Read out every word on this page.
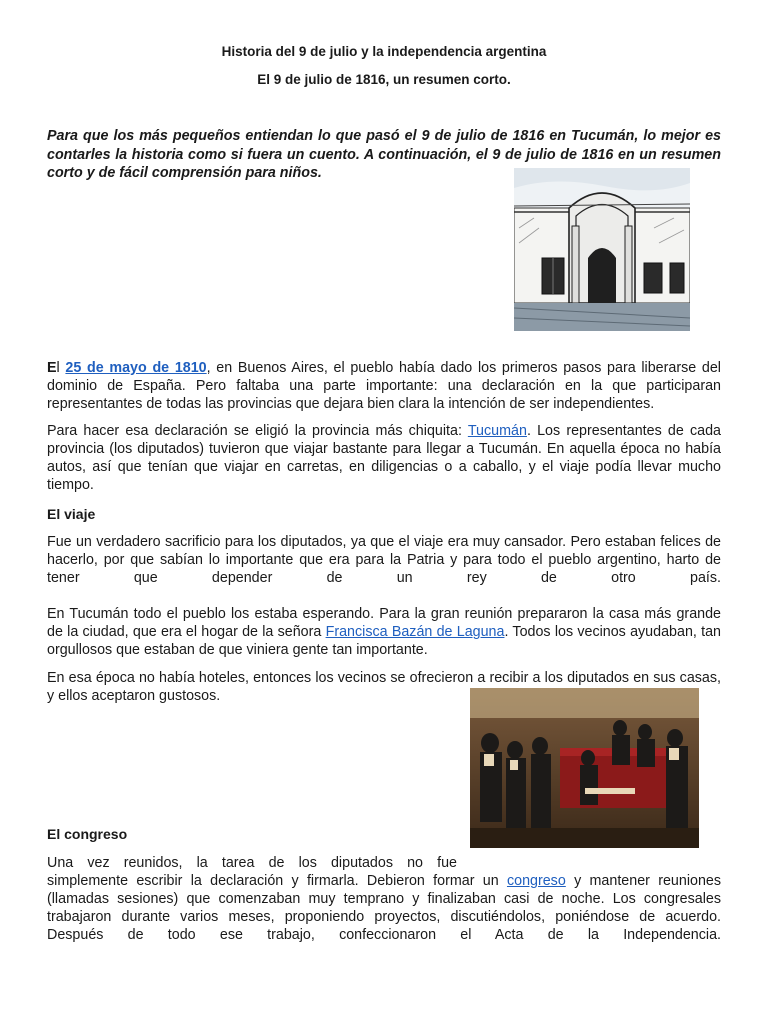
Historia del 9 de julio y la independencia argentina
El 9 de julio de 1816, un resumen corto.
Para que los más pequeños entiendan lo que pasó el 9 de julio de 1816 en Tucumán, lo mejor es contarles la historia como si fuera un cuento. A continuación, el 9 de julio de 1816 en un resumen corto y de fácil comprensión para niños.
El 25 de mayo de 1810, en Buenos Aires, el pueblo había dado los primeros pasos para liberarse del dominio de España. Pero faltaba una parte importante: una declaración en la que participaran representantes de todas las provincias que dejara bien clara la intención de ser independientes.
Para hacer esa declaración se eligió la provincia más chiquita: Tucumán. Los representantes de cada provincia (los diputados) tuvieron que viajar bastante para llegar a Tucumán. En aquella época no había autos, así que tenían que viajar en carretas, en diligencias o a caballo, y el viaje podía llevar mucho tiempo.
El viaje
Fue un verdadero sacrificio para los diputados, ya que el viaje era muy cansador. Pero estaban felices de hacerlo, por que sabían lo importante que era para la Patria y para todo el pueblo argentino, harto de tener que depender de un rey de otro país.
En Tucumán todo el pueblo los estaba esperando. Para la gran reunión prepararon la casa más grande de la ciudad, que era el hogar de la señora Francisca Bazán de Laguna. Todos los vecinos ayudaban, tan orgullosos que estaban de que viniera gente tan importante.
En esa época no había hoteles, entonces los vecinos se ofrecieron a recibir a los diputados en sus casas, y ellos aceptaron gustosos.
El congreso
Una vez reunidos, la tarea de los diputados no fue
simplemente escribir la declaración y firmarla. Debieron formar un congreso y mantener reuniones (llamadas sesiones) que comenzaban muy temprano y finalizaban casi de noche. Los congresales trabajaron durante varios meses, proponiendo proyectos, discutiéndolos, poniéndose de acuerdo. Después de todo ese trabajo, confeccionaron el Acta de la Independencia.
